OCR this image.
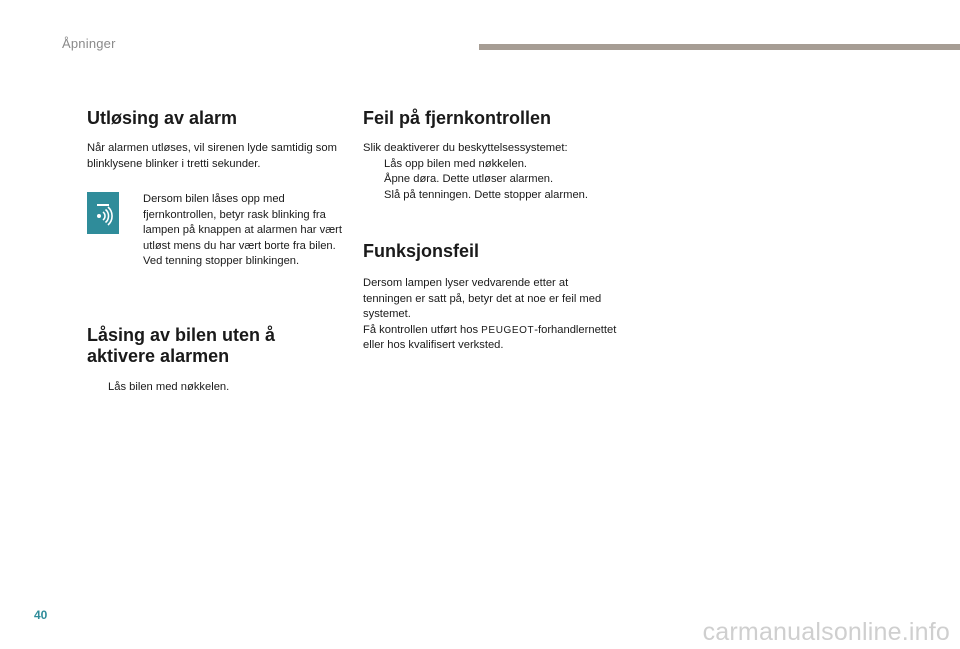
Åpninger
Utløsing av alarm

Når alarmen utløses, vil sirenen lyde samtidig som blinklysene blinker i tretti sekunder.

Dersom bilen låses opp med fjernkontrollen, betyr rask blinking fra lampen på knappen at alarmen har vært utløst mens du har vært borte fra bilen. Ved tenning stopper blinkingen.

Låsing av bilen uten å
aktivere alarmen
Lås bilen med nøkkelen.
Feil på fjernkontrollen

Slik deaktiverer du beskyttelsessystemet:

Lås opp bilen med nøkkelen.
Åpne døra. Dette utløser alarmen.
Slå på tenningen. Dette stopper alarmen.
Funksjonsfeil

Dersom lampen lyser vedvarende etter at tenningen er satt på, betyr det at noe er feil med systemet.

Få kontrollen utført hos PEUGEOT-forhandlernettet eller hos kvalifisert verksted.

40
carmanualsonline.info
